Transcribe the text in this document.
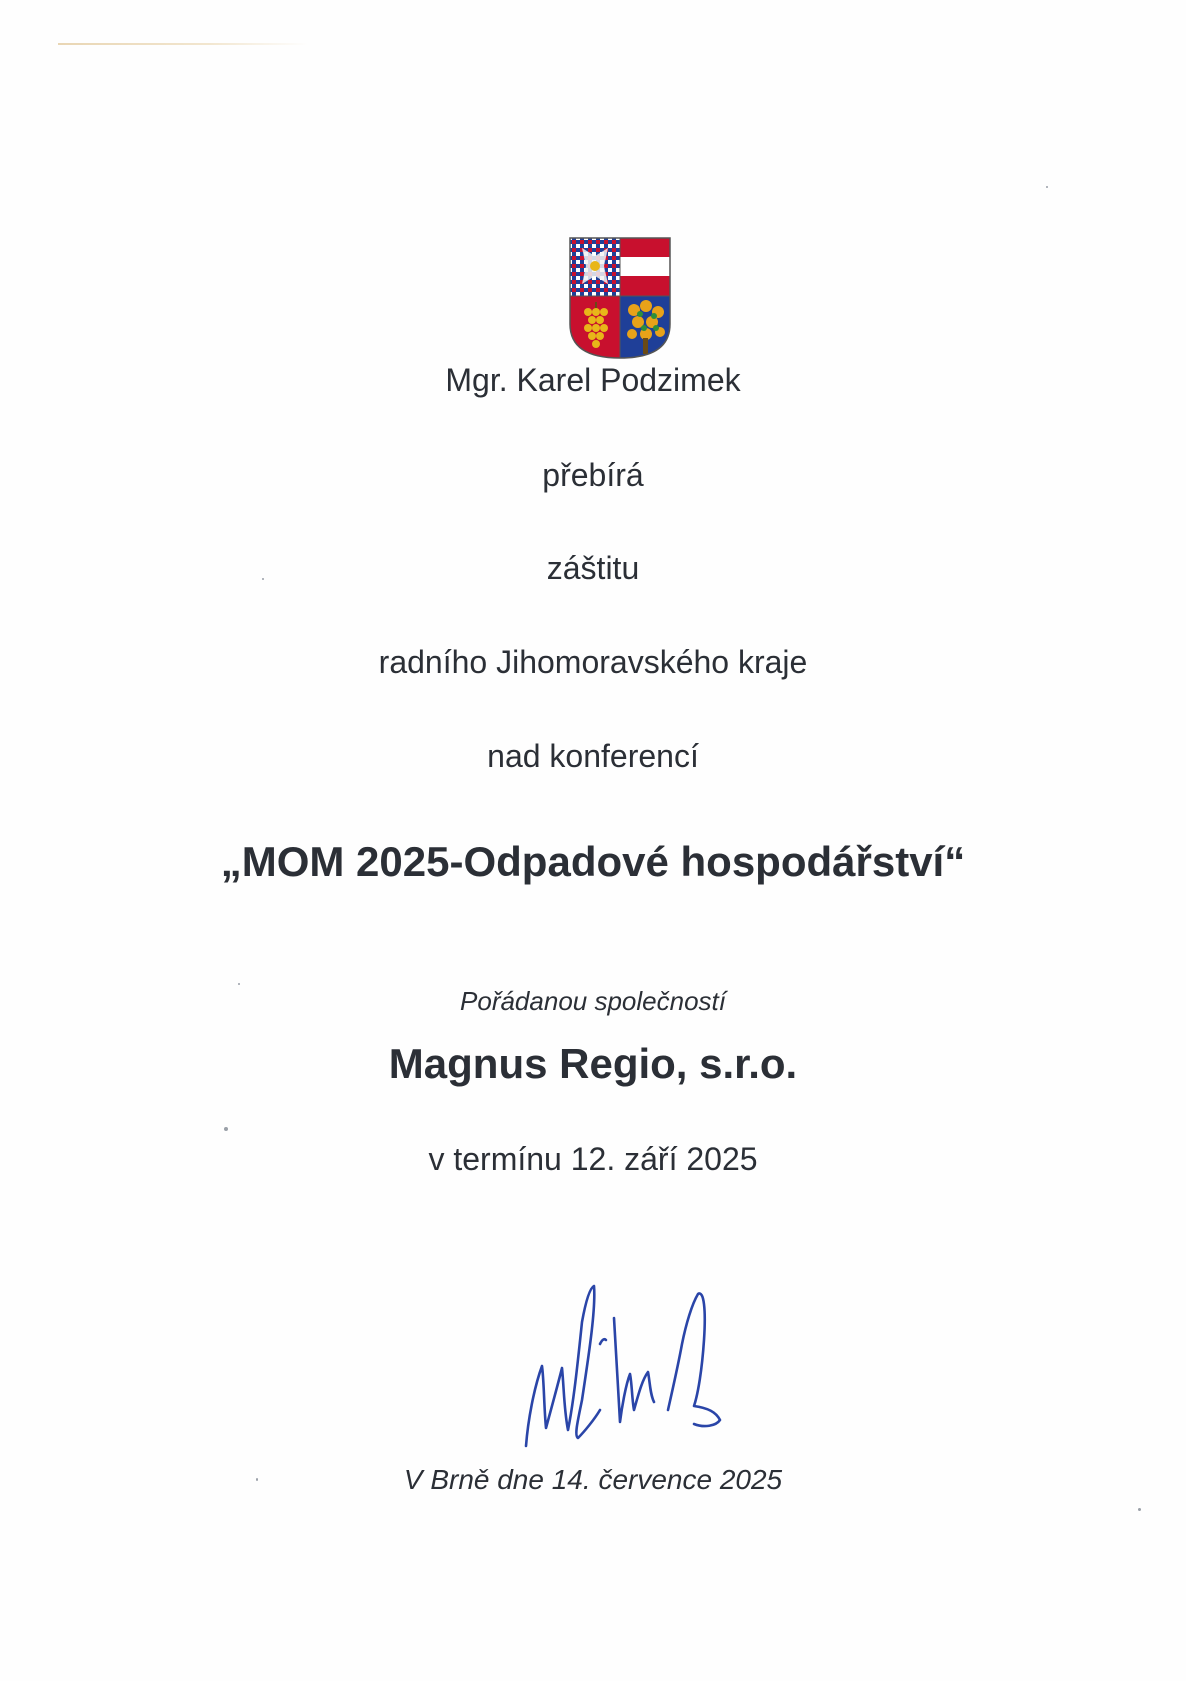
Mgr. Karel Podzimek

přebírá

záštitu

radního Jihomoravského kraje

nad konferencí

„MOM 2025-Odpadové hospodářství“

Pořádanou společností

Magnus Regio, s.r.o.

v termínu 12. září 2025

V Brně dne 14. července 2025
